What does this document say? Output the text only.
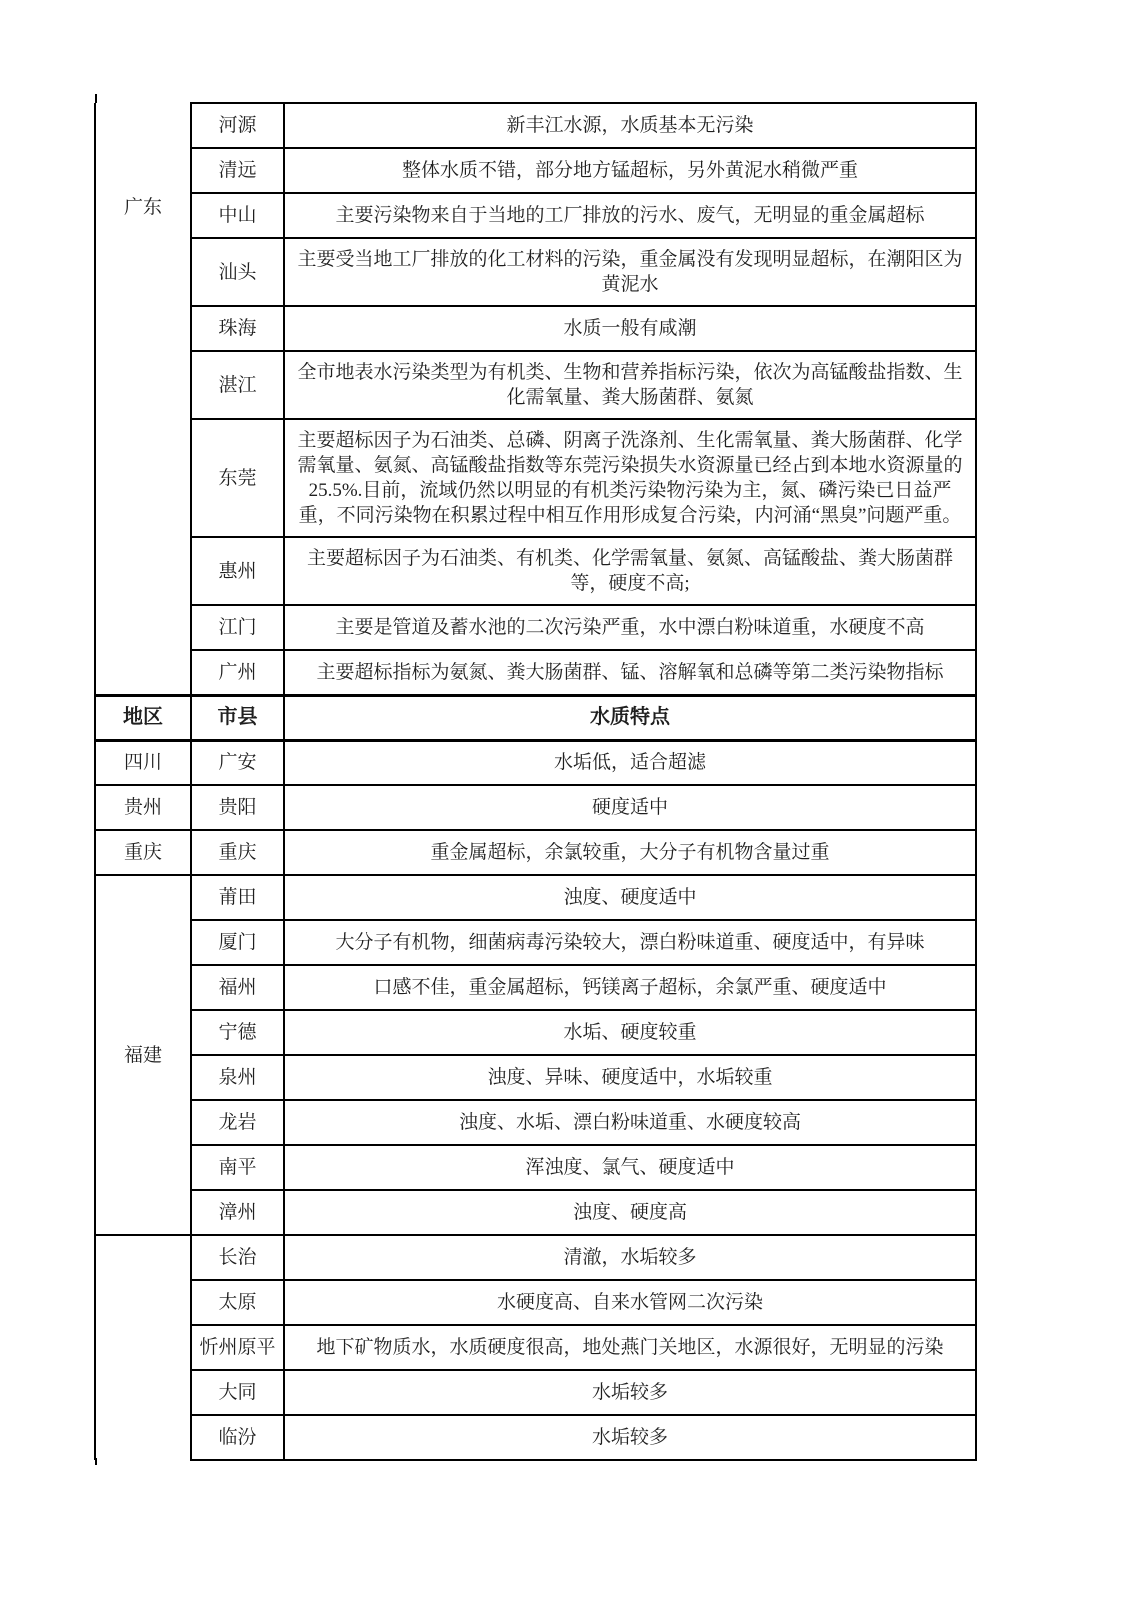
广东	河源	新丰江水源，水质基本无污染
	清远	整体水质不错，部分地方锰超标，另外黄泥水稍微严重
	中山	主要污染物来自于当地的工厂排放的污水、废气，无明显的重金属超标
	汕头	主要受当地工厂排放的化工材料的污染，重金属没有发现明显超标，在潮阳区为黄泥水
	珠海	水质一般有咸潮
	湛江	全市地表水污染类型为有机类、生物和营养指标污染，依次为高锰酸盐指数、生化需氧量、粪大肠菌群、氨氮
	东莞	主要超标因子为石油类、总磷、阴离子洗涤剂、生化需氧量、粪大肠菌群、化学需氧量、氨氮、高锰酸盐指数等东莞污染损失水资源量已经占到本地水资源量的25.5%.目前，流域仍然以明显的有机类污染物污染为主，氮、磷污染已日益严重，不同污染物在积累过程中相互作用形成复合污染，内河涌“黑臭”问题严重。
	惠州	主要超标因子为石油类、有机类、化学需氧量、氨氮、高锰酸盐、粪大肠菌群等，硬度不高;
	江门	主要是管道及蓄水池的二次污染严重，水中漂白粉味道重，水硬度不高
	广州	主要超标指标为氨氮、粪大肠菌群、锰、溶解氧和总磷等第二类污染物指标
地区	市县	水质特点
四川	广安	水垢低，适合超滤
贵州	贵阳	硬度适中
重庆	重庆	重金属超标，余氯较重，大分子有机物含量过重
福建	莆田	浊度、硬度适中
	厦门	大分子有机物，细菌病毒污染较大，漂白粉味道重、硬度适中，有异味
	福州	口感不佳，重金属超标，钙镁离子超标，余氯严重、硬度适中
	宁德	水垢、硬度较重
	泉州	浊度、异味、硬度适中，水垢较重
	龙岩	浊度、水垢、漂白粉味道重、水硬度较高
	南平	浑浊度、氯气、硬度适中
	漳州	浊度、硬度高
	长治	清澈，水垢较多
	太原	水硬度高、自来水管网二次污染
	忻州原平	地下矿物质水，水质硬度很高，地处燕门关地区，水源很好，无明显的污染
	大同	水垢较多
	临汾	水垢较多
